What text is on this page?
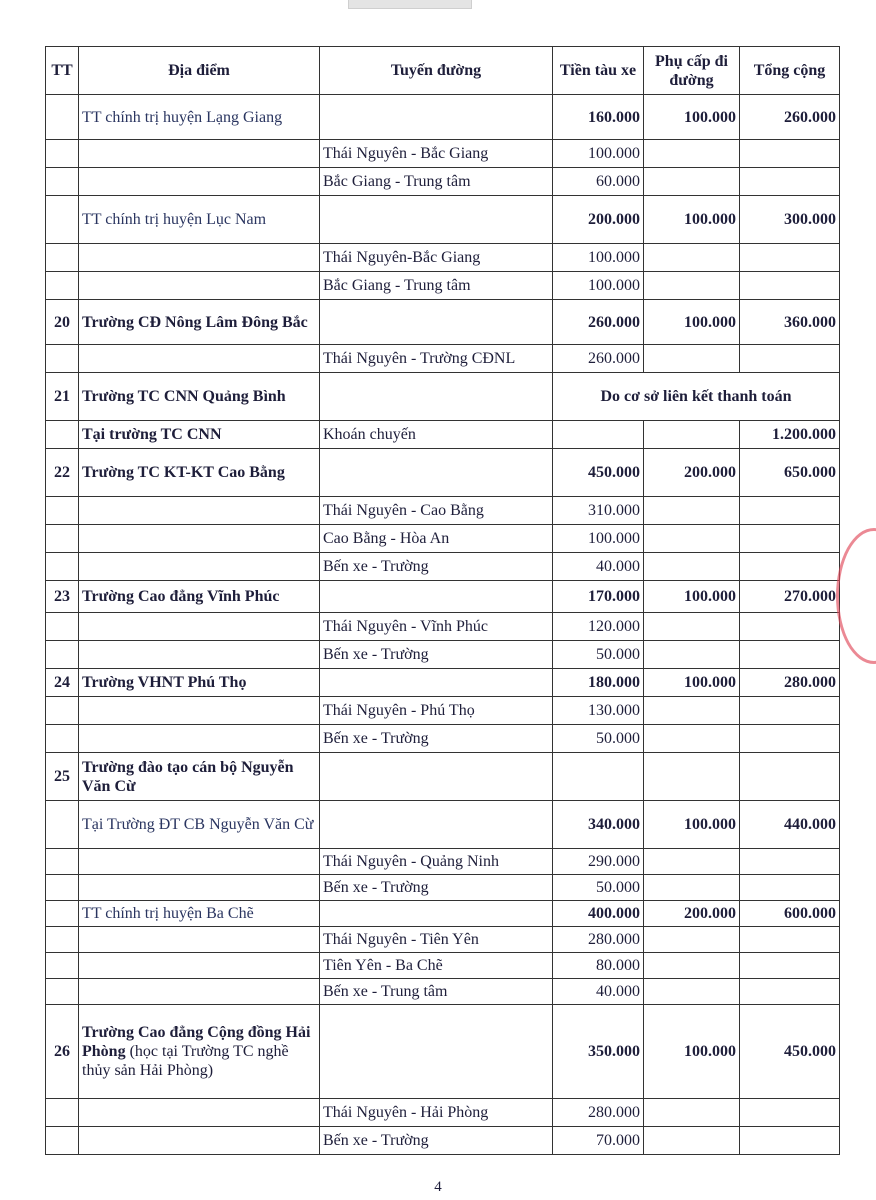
TT	Địa điểm	Tuyến đường	Tiền tàu xe	Phụ cấp đi đường	Tổng cộng
	TT chính trị huyện Lạng Giang		160.000	100.000	260.000
		Thái Nguyên - Bắc Giang	100.000		
		Bắc Giang - Trung tâm	60.000		
	TT chính trị huyện Lục Nam		200.000	100.000	300.000
		Thái Nguyên-Bắc Giang	100.000		
		Bắc Giang - Trung tâm	100.000		
20	Trường CĐ Nông Lâm Đông Bắc		260.000	100.000	360.000
		Thái Nguyên - Trường CĐNL	260.000		
21	Trường TC CNN Quảng Bình		Do cơ sở liên kết thanh toán		
	Tại trường TC CNN	Khoán chuyến			1.200.000
22	Trường TC KT-KT Cao Bằng		450.000	200.000	650.000
		Thái Nguyên - Cao Bằng	310.000		
		Cao Bằng - Hòa An	100.000		
		Bến xe - Trường	40.000		
23	Trường Cao đẳng Vĩnh Phúc		170.000	100.000	270.000
		Thái Nguyên - Vĩnh Phúc	120.000		
		Bến xe - Trường	50.000		
24	Trường VHNT Phú Thọ		180.000	100.000	280.000
		Thái Nguyên - Phú Thọ	130.000		
		Bến xe - Trường	50.000		
25	Trường đào tạo cán bộ Nguyễn Văn Cừ				
	Tại Trường ĐT CB Nguyễn Văn Cừ		340.000	100.000	440.000
		Thái Nguyên - Quảng Ninh	290.000		
		Bến xe - Trường	50.000		
	TT chính trị huyện Ba Chẽ		400.000	200.000	600.000
		Thái Nguyên - Tiên Yên	280.000		
		Tiên Yên - Ba Chẽ	80.000		
		Bến xe - Trung tâm	40.000		
26	Trường Cao đẳng Cộng đồng Hải Phòng (học tại Trường TC nghề thủy sản Hải Phòng)		350.000	100.000	450.000
		Thái Nguyên - Hải Phòng	280.000		
		Bến xe - Trường	70.000		
4
